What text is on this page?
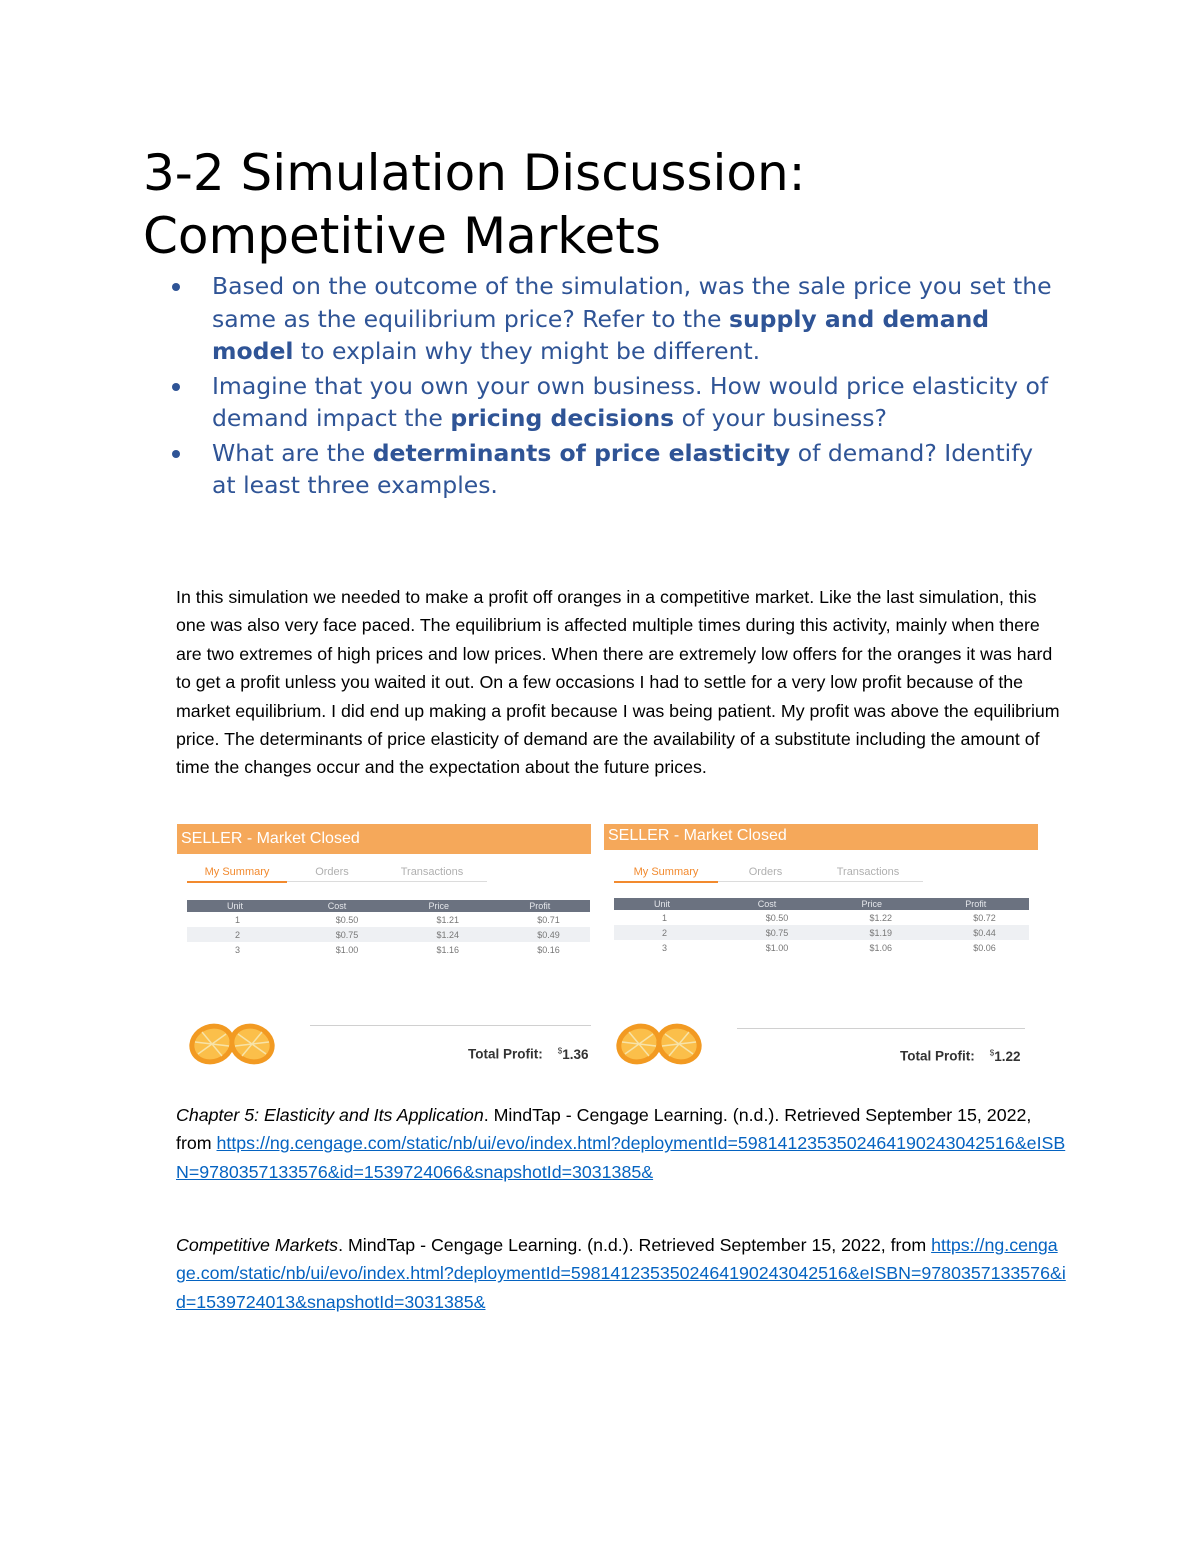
3-2 Simulation Discussion: Competitive Markets
Based on the outcome of the simulation, was the sale price you set the same as the equilibrium price? Refer to the supply and demand model to explain why they might be different.
Imagine that you own your own business. How would price elasticity of demand impact the pricing decisions of your business?
What are the determinants of price elasticity of demand? Identify at least three examples.

In this simulation we needed to make a profit off oranges in a competitive market. Like the last simulation, this one was also very face paced. The equilibrium is affected multiple times during this activity, mainly when there are two extremes of high prices and low prices. When there are extremely low offers for the oranges it was hard to get a profit unless you waited it out. On a few occasions I had to settle for a very low profit because of the market equilibrium. I did end up making a profit because I was being patient. My profit was above the equilibrium price. The determinants of price elasticity of demand are the availability of a substitute including the amount of time the changes occur and the expectation about the future prices.

SELLER - Market Closed
My Summary	Orders	Transactions
Unit	Cost	Price	Profit
1	$0.50	$1.21	$0.71
2	$0.75	$1.24	$0.49
3	$1.00	$1.16	$0.16
Total Profit: $1.36
SELLER - Market Closed
My Summary	Orders	Transactions
Unit	Cost	Price	Profit
1	$0.50	$1.22	$0.72
2	$0.75	$1.19	$0.44
3	$1.00	$1.06	$0.06
Total Profit: $1.22

Chapter 5: Elasticity and Its Application. MindTap - Cengage Learning. (n.d.). Retrieved September 15, 2022, from https://ng.cengage.com/static/nb/ui/evo/index.html?deploymentId=5981412353502464190243042516&eISBN=9780357133576&id=1539724066&snapshotId=3031385&

Competitive Markets. MindTap - Cengage Learning. (n.d.). Retrieved September 15, 2022, from https://ng.cengage.com/static/nb/ui/evo/index.html?deploymentId=5981412353502464190243042516&eISBN=9780357133576&id=1539724013&snapshotId=3031385&
